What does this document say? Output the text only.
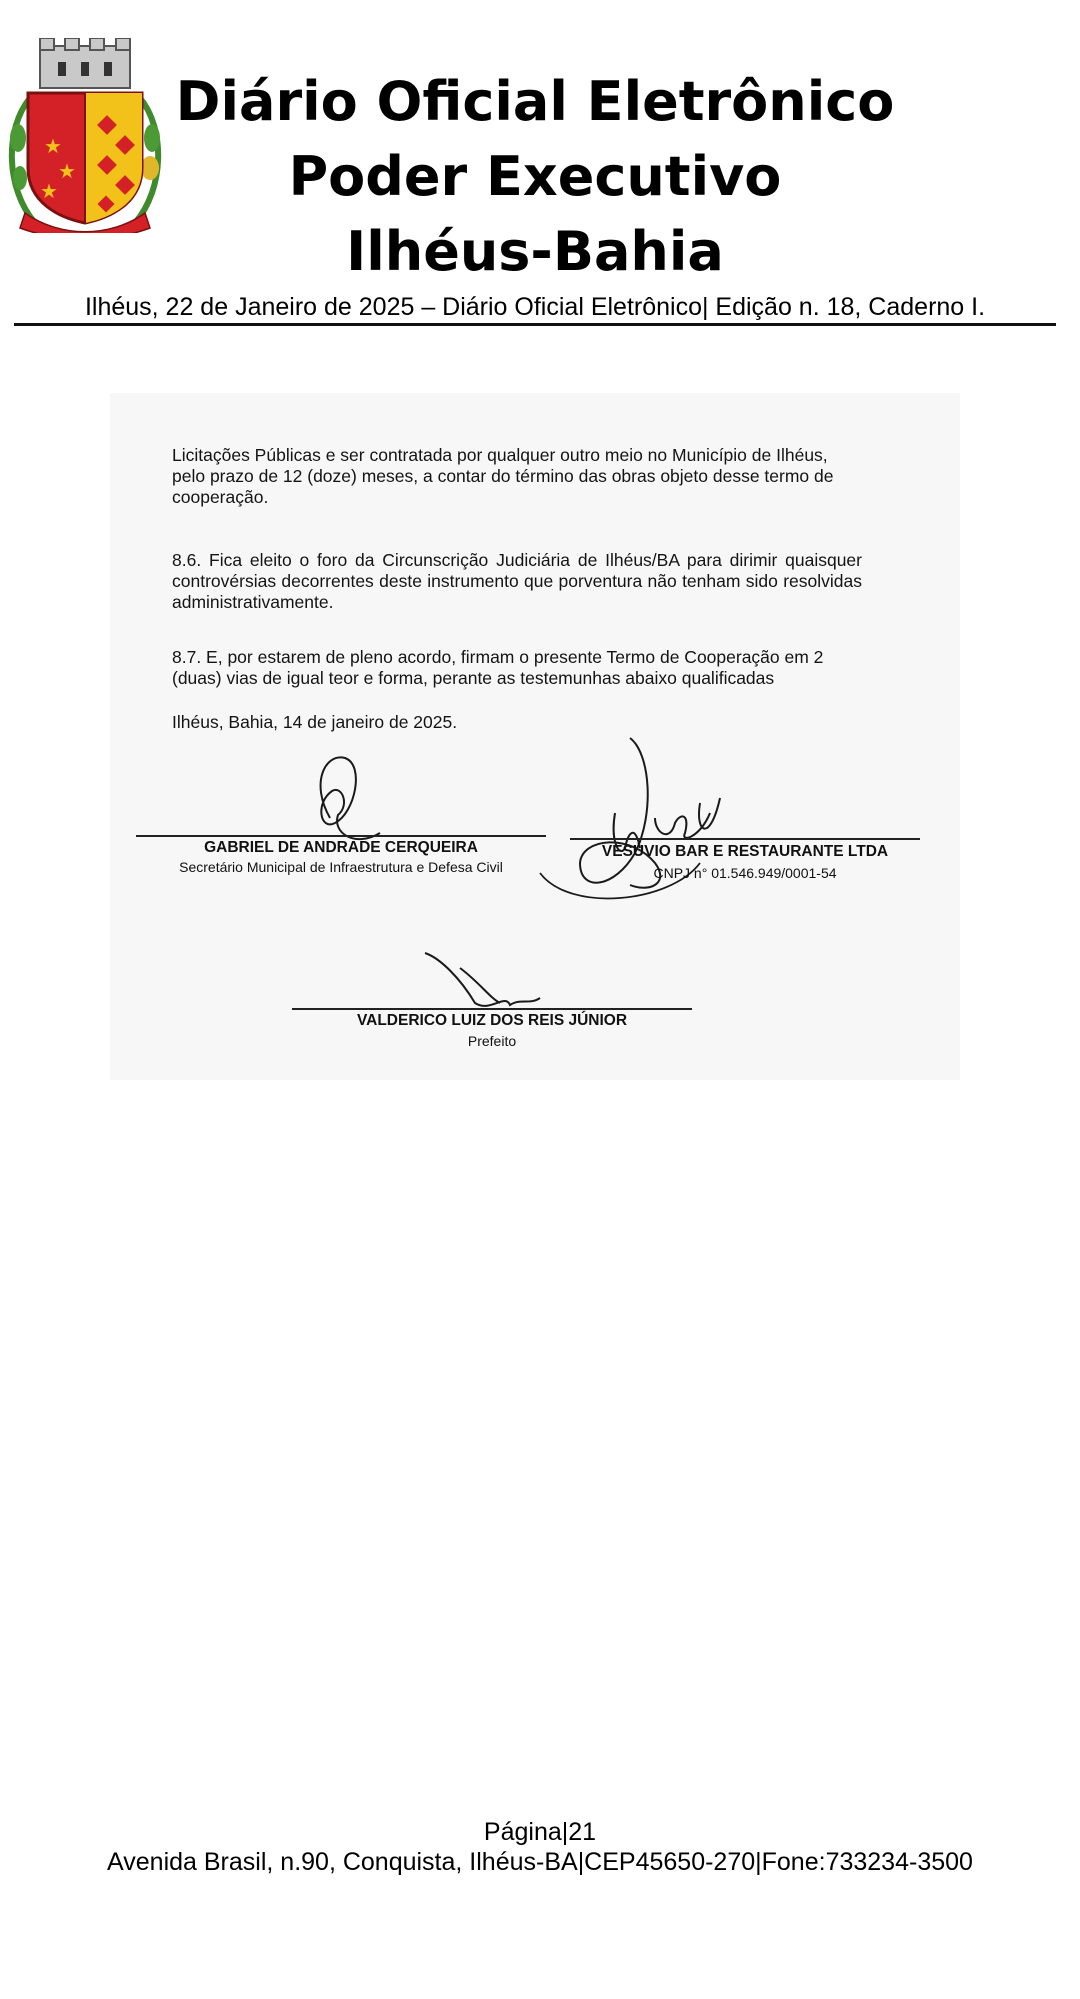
★
★
★
Diário Oficial Eletrônico
Poder Executivo
Ilhéus-Bahia
Ilhéus, 22 de Janeiro de 2025 – Diário Oficial Eletrônico| Edição n. 18, Caderno I.

Licitações Públicas e ser contratada por qualquer outro meio no Município de Ilhéus, pelo prazo de 12 (doze) meses, a contar do término das obras objeto desse termo de cooperação.

8.6. Fica eleito o foro da Circunscrição Judiciária de Ilhéus/BA para dirimir quaisquer controvérsias decorrentes deste instrumento que porventura não tenham sido resolvidas administrativamente.

8.7. E, por estarem de pleno acordo, firmam o presente Termo de Cooperação em 2 (duas) vias de igual teor e forma, perante as testemunhas abaixo qualificadas

Ilhéus, Bahia, 14 de janeiro de 2025.
GABRIEL DE ANDRADE CERQUEIRA
Secretário Municipal de Infraestrutura e Defesa Civil
VESÚVIO BAR E RESTAURANTE LTDA
CNPJ n° 01.546.949/0001-54
VALDERICO LUIZ DOS REIS JÚNIOR
Prefeito
Página|21
Avenida Brasil, n.90, Conquista, Ilhéus-BA|CEP45650-270|Fone:733234-3500
